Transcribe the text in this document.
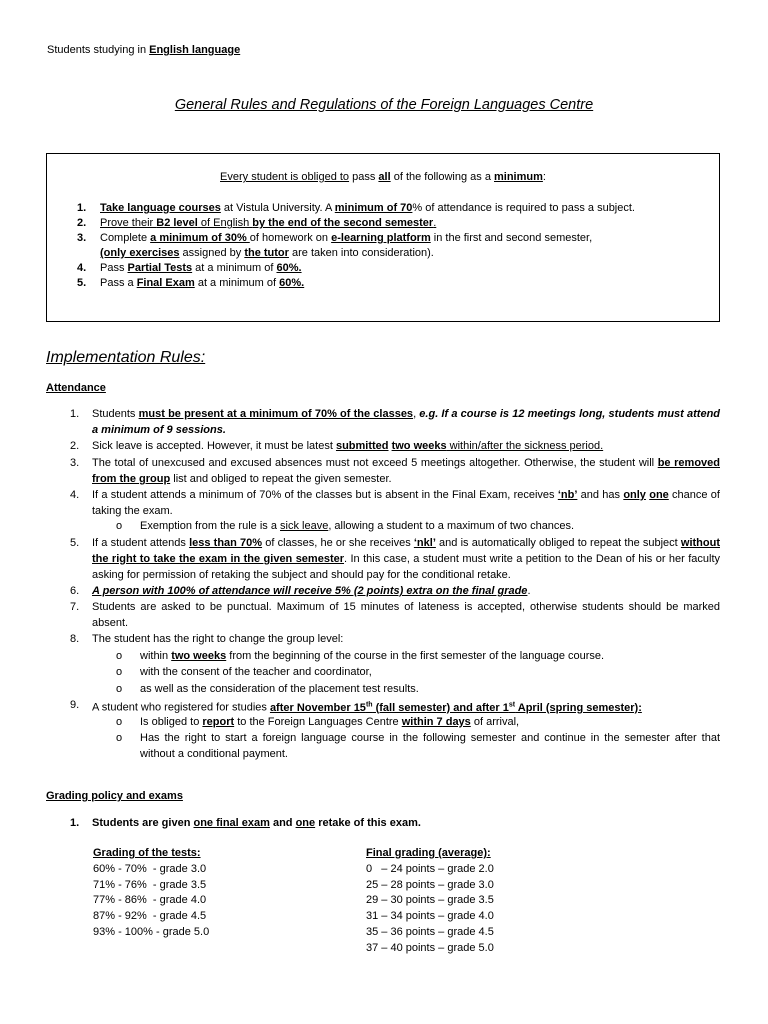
Students studying in English language
General Rules and Regulations of the Foreign Languages Centre
Every student is obliged to pass all of the following as a minimum:
1. Take language courses at Vistula University. A minimum of 70% of attendance is required to pass a subject.
2. Prove their B2 level of English by the end of the second semester.
3. Complete a minimum of 30% of homework on e-learning platform in the first and second semester,
(only exercises assigned by the tutor are taken into consideration).
4. Pass Partial Tests at a minimum of 60%.
5. Pass a Final Exam at a minimum of 60%.
Implementation Rules:
Attendance
1. Students must be present at a minimum of 70% of the classes, e.g. If a course is 12 meetings long, students must attend a minimum of 9 sessions.
2. Sick leave is accepted. However, it must be latest submitted two weeks within/after the sickness period.
3. The total of unexcused and excused absences must not exceed 5 meetings altogether. Otherwise, the student will be removed from the group list and obliged to repeat the given semester.
4. If a student attends a minimum of 70% of the classes but is absent in the Final Exam, receives ‘nb’ and has only one chance of taking the exam.
o Exemption from the rule is a sick leave, allowing a student to a maximum of two chances.
5. If a student attends less than 70% of classes, he or she receives ‘nkl’ and is automatically obliged to repeat the subject without the right to take the exam in the given semester. In this case, a student must write a petition to the Dean of his or her faculty asking for permission of retaking the subject and should pay for the conditional retake.
6. A person with 100% of attendance will receive 5% (2 points) extra on the final grade.
7. Students are asked to be punctual. Maximum of 15 minutes of lateness is accepted, otherwise students should be marked absent.
8. The student has the right to change the group level:
o within two weeks from the beginning of the course in the first semester of the language course.
o with the consent of the teacher and coordinator,
o as well as the consideration of the placement test results.
9. A student who registered for studies after November 15th (fall semester) and after 1st April (spring semester):
o Is obliged to report to the Foreign Languages Centre within 7 days of arrival,
o Has the right to start a foreign language course in the following semester and continue in the semester after that without a conditional payment.
Grading policy and exams
1. Students are given one final exam and one retake of this exam.
Grading of the tests:
60% - 70%  - grade 3.0
71% - 76%  - grade 3.5
77% - 86%  - grade 4.0
87% - 92%  - grade 4.5
93% - 100% - grade 5.0
Final grading (average):
0   – 24 points – grade 2.0
25 – 28 points – grade 3.0
29 – 30 points – grade 3.5
31 – 34 points – grade 4.0
35 – 36 points – grade 4.5
37 – 40 points – grade 5.0
